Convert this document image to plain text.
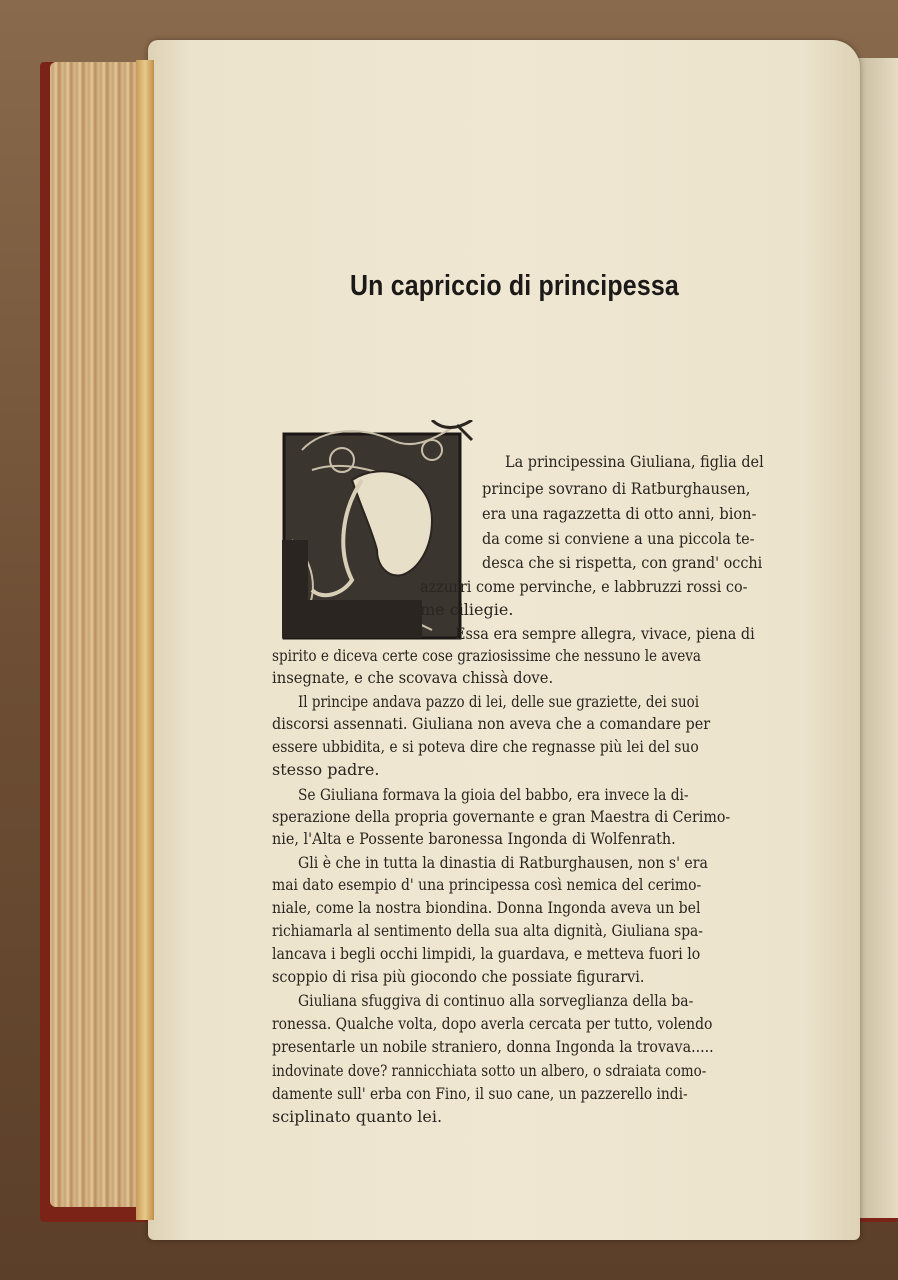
Un capriccio di principessa
La principessina Giuliana, figlia del
principe sovrano di Ratburghausen,
era una ragazzetta di otto anni, bion-
da come si conviene a una piccola te-
desca che si rispetta, con grand' occhi
azzurri come pervinche, e labbruzzi rossi co-
me ciliegie.
Essa era sempre allegra, vivace, piena di
spirito e diceva certe cose graziosissime che nessuno le aveva
insegnate, e che scovava chissà dove.
Il principe andava pazzo di lei, delle sue graziette, dei suoi
discorsi assennati. Giuliana non aveva che a comandare per
essere ubbidita, e si poteva dire che regnasse più lei del suo
stesso padre.
Se Giuliana formava la gioia del babbo, era invece la di-
sperazione della propria governante e gran Maestra di Cerimo-
nie, l'Alta e Possente baronessa Ingonda di Wolfenrath.
Gli è che in tutta la dinastia di Ratburghausen, non s' era
mai dato esempio d' una principessa così nemica del cerimo-
niale, come la nostra biondina. Donna Ingonda aveva un bel
richiamarla al sentimento della sua alta dignità, Giuliana spa-
lancava i begli occhi limpidi, la guardava, e metteva fuori lo
scoppio di risa più giocondo che possiate figurarvi.
Giuliana sfuggiva di continuo alla sorveglianza della ba-
ronessa. Qualche volta, dopo averla cercata per tutto, volendo
presentarle un nobile straniero, donna Ingonda la trovava.....
indovinate dove? rannicchiata sotto un albero, o sdraiata como-
damente sull' erba con Fino, il suo cane, un pazzerello indi-
sciplinato quanto lei.
